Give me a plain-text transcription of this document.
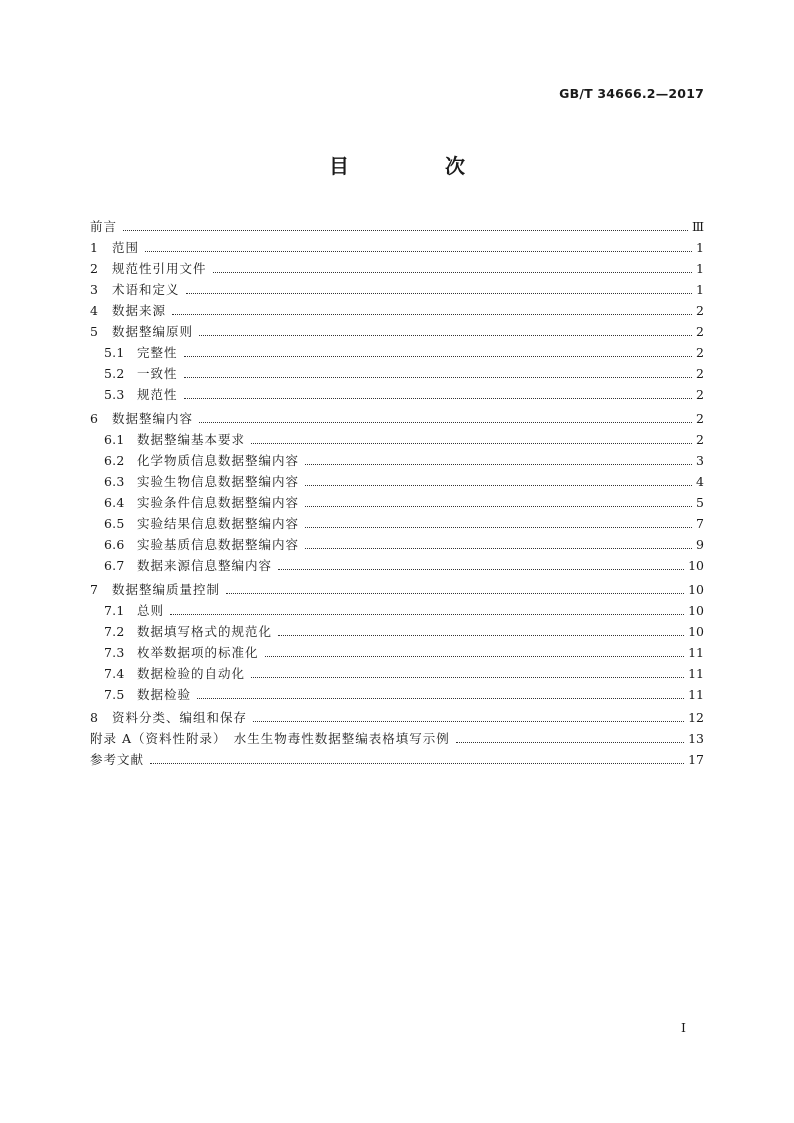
GB/T 34666.2—2017
目　次
前言	Ⅲ
1	范围	1
2	规范性引用文件	1
3	术语和定义	1
4	数据来源	2
5	数据整编原则	2
5.1	完整性	2
5.2	一致性	2
5.3	规范性	2
6	数据整编内容	2
6.1	数据整编基本要求	2
6.2	化学物质信息数据整编内容	3
6.3	实验生物信息数据整编内容	4
6.4	实验条件信息数据整编内容	5
6.5	实验结果信息数据整编内容	7
6.6	实验基质信息数据整编内容	9
6.7	数据来源信息整编内容	10
7	数据整编质量控制	10
7.1	总则	10
7.2	数据填写格式的规范化	10
7.3	枚举数据项的标准化	11
7.4	数据检验的自动化	11
7.5	数据检验	11
8	资料分类、编组和保存	12
附录 A（资料性附录）　水生生物毒性数据整编表格填写示例	13
参考文献	17
I
